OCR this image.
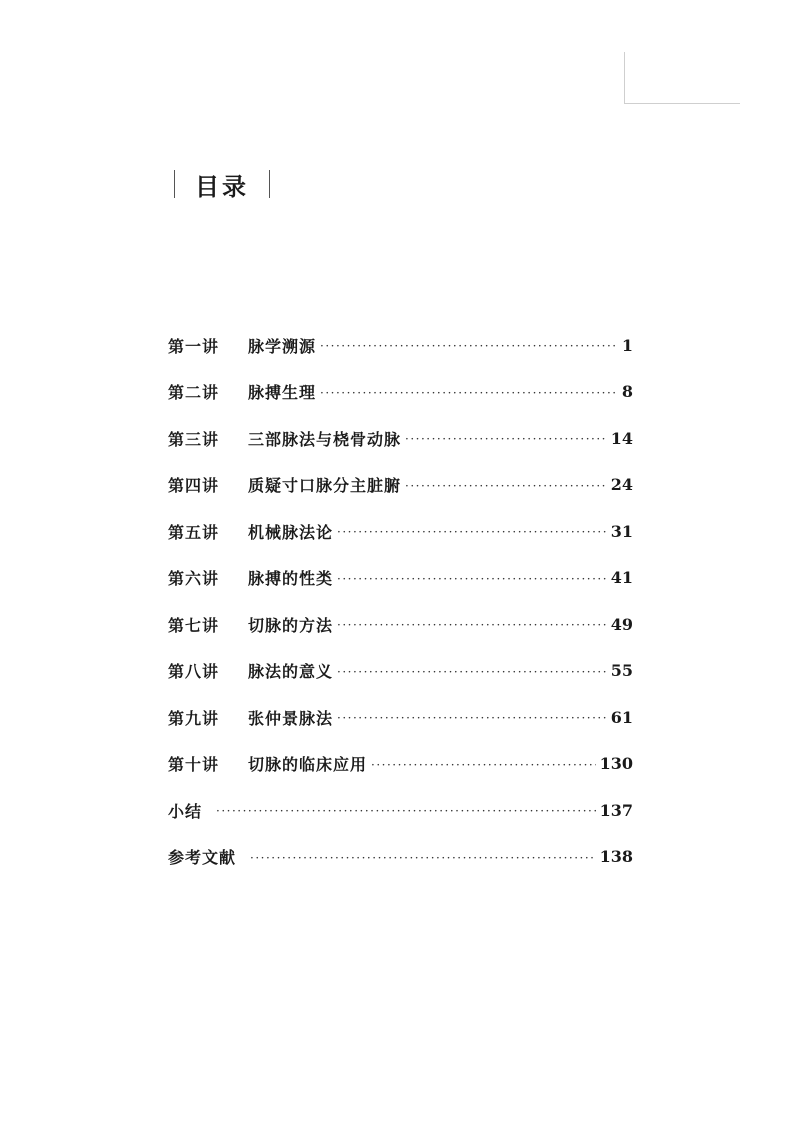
目录
第一讲	脉学溯源 ·····	1
第二讲	脉搏生理 ·····	8
第三讲	三部脉法与桡骨动脉 ·····	14
第四讲	质疑寸口脉分主脏腑 ·····	24
第五讲	机械脉法论 ·····	31
第六讲	脉搏的性类 ·····	41
第七讲	切脉的方法 ·····	49
第八讲	脉法的意义 ·····	55
第九讲	张仲景脉法 ·····	61
第十讲	切脉的临床应用 ·····	130
小结 ·····	137
参考文献 ·····	138
